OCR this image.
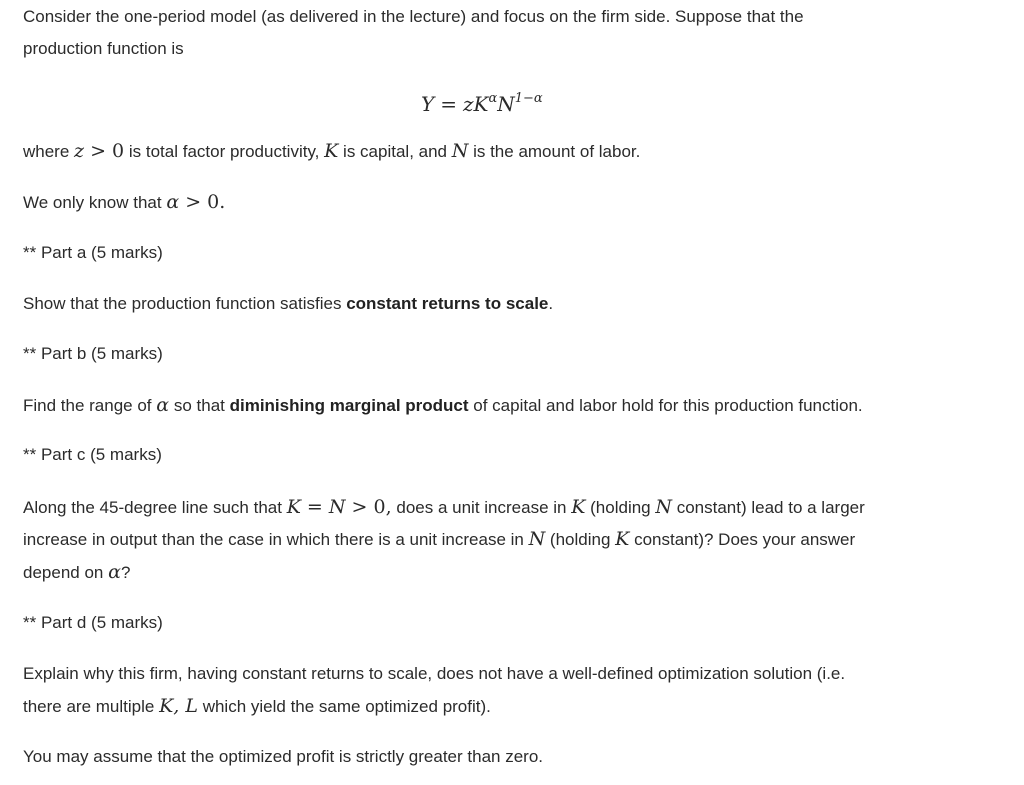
Consider the one-period model (as delivered in the lecture) and focus on the firm side. Suppose that the
production function is
$Y = zK^\alpha N^{1-\alpha}$
where z > 0 is total factor productivity, K is capital, and N is the amount of labor.
We only know that α > 0.
** Part a (5 marks)
Show that the production function satisfies constant returns to scale.
** Part b (5 marks)
Find the range of α so that diminishing marginal product of capital and labor hold for this production function.
** Part c (5 marks)
Along the 45-degree line such that K = N > 0, does a unit increase in K (holding N constant) lead to a larger
increase in output than the case in which there is a unit increase in N (holding K constant)? Does your answer
depend on α?
** Part d (5 marks)
Explain why this firm, having constant returns to scale, does not have a well-defined optimization solution (i.e.
there are multiple K, L which yield the same optimized profit).
You may assume that the optimized profit is strictly greater than zero.
